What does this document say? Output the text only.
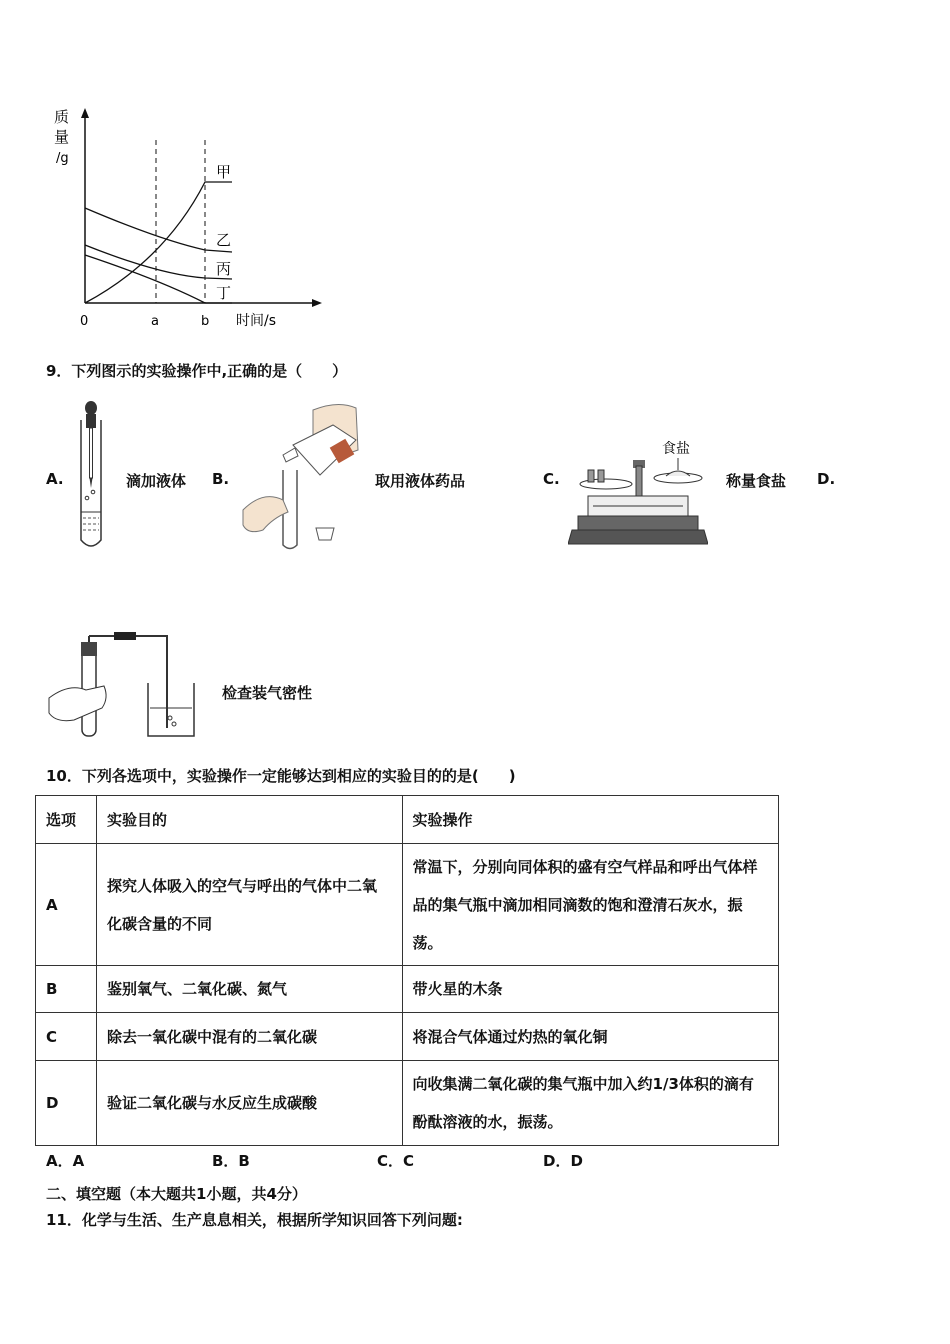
质
量
/g
甲
乙
丙
丁
0	a	b 时间/s
9．下列图示的实验操作中,正确的是（　　）
A.	滴加液体 B.	取用液体药品	C.
食盐
称量食盐 D.
检查装气密性
10．下列各选项中，实验操作一定能够达到相应的实验目的的是(　　)
选项	实验目的	实验操作
A	探究人体吸入的空气与呼出的气体中二氧化碳含量的不同	常温下，分别向同体积的盛有空气样品和呼出气体样品的集气瓶中滴加相同滴数的饱和澄清石灰水，振荡。
B	鉴别氧气、二氧化碳、氮气	带火星的木条
C	除去一氧化碳中混有的二氧化碳	将混合气体通过灼热的氧化铜
D	验证二氧化碳与水反应生成碳酸	向收集满二氧化碳的集气瓶中加入约1/3体积的滴有酚酞溶液的水，振荡。
A．A	B．B	C．C	D．D
二、填空题（本大题共1小题，共4分）
11．化学与生活、生产息息相关，根据所学知识回答下列问题:
